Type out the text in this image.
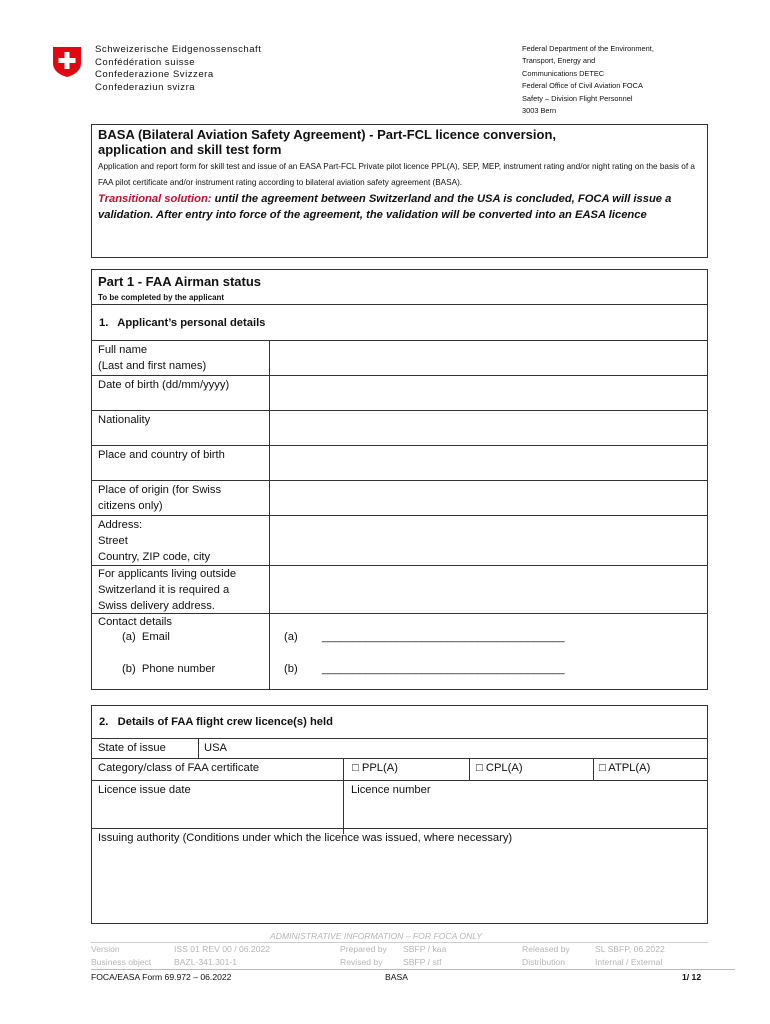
Schweizerische Eidgenossenschaft
Confédération suisse
Confederazione Svizzera
Confederaziun svizra
Federal Department of the Environment,
Transport, Energy and
Communications DETEC
Federal Office of Civil Aviation FOCA
Safety – Division Flight Personnel
3003 Bern
BASA (Bilateral Aviation Safety Agreement) - Part-FCL licence conversion,
application and skill test form
Application and report form for skill test and issue of an EASA Part-FCL Private pilot licence PPL(A), SEP, MEP, instrument rating and/or night rating on the basis of a FAA pilot certificate and/or instrument rating according to bilateral aviation safety agreement (BASA).
Transitional solution: until the agreement between Switzerland and the USA is concluded, FOCA will issue a validation. After entry into force of the agreement, the validation will be converted into an EASA licence
Part 1 - FAA Airman status
To be completed by the applicant
1.   Applicant’s personal details
Full name
(Last and first names)
Date of birth (dd/mm/yyyy)
Nationality
Place and country of birth
Place of origin (for Swiss
citizens only)
Address:
Street
Country, ZIP code, city
For applicants living outside
Switzerland it is required a
Swiss delivery address.
Contact details
(a)  Email
(b)  Phone number
(a) _______________________________________
(b) _______________________________________
2.   Details of FAA flight crew licence(s) held
State of issue	USA
Category/class of FAA certificate	□ PPL(A)	□ CPL(A)	□ ATPL(A)
Licence issue date	Licence number
Issuing authority (Conditions under which the licence was issued, where necessary)
ADMINISTRATIVE INFORMATION – FOR FOCA ONLY
Version	ISS 01 REV 00 / 06.2022	Prepared by SBFP / kaa	Released by	SL SBFP, 06.2022
Business object	BAZL-341.301-1	Revised by SBFP / stf	Distribution	Internal / External
FOCA/EASA Form 69.972 – 06.2022	BASA	1/ 12
